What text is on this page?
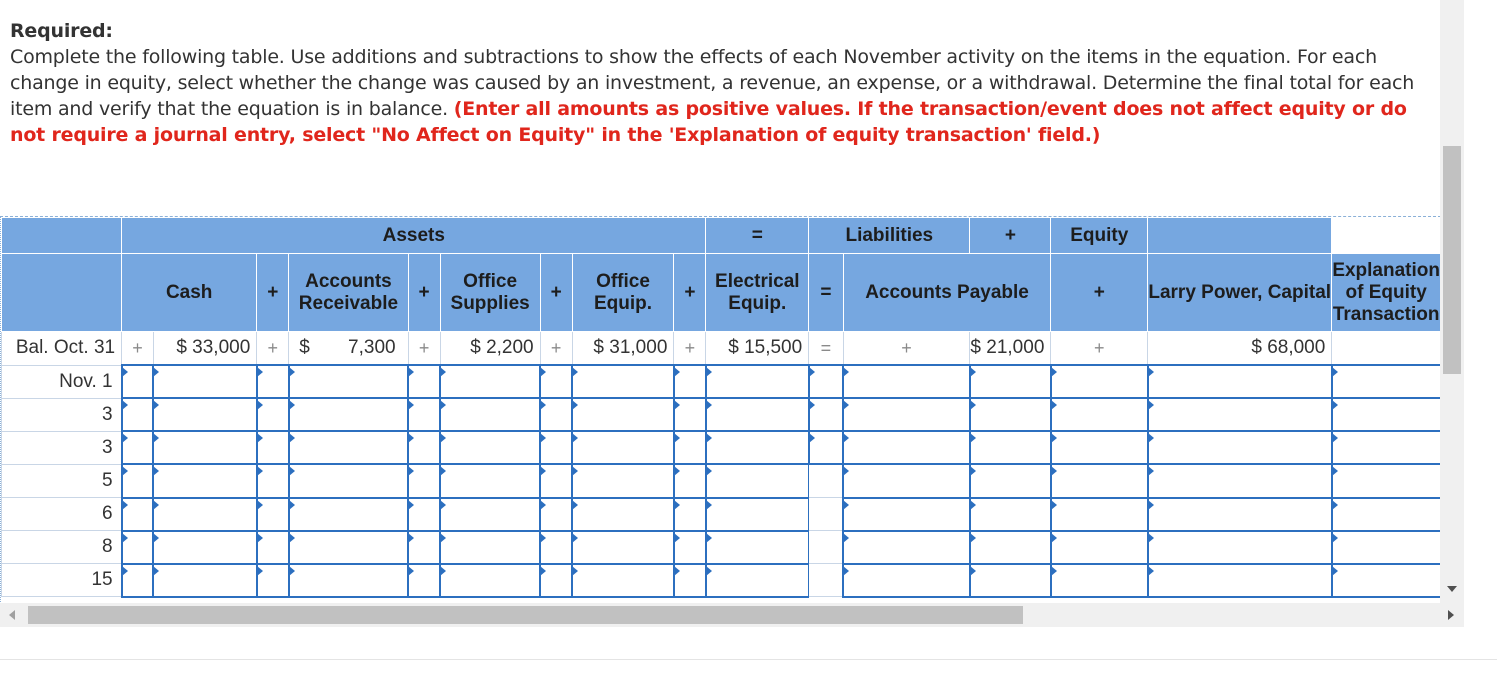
Required:
Complete the following table. Use additions and subtractions to show the effects of each November activity on the items in the equation. For each change in equity, select whether the change was caused by an investment, a revenue, an expense, or a withdrawal. Determine the final total for each item and verify that the equation is in balance. (Enter all amounts as positive values. If the transaction/event does not affect equity or do not require a journal entry, select "No Affect on Equity" in the 'Explanation of equity transaction' field.)
	Assets									=	Liabilities		+	Equity		
	Cash		+	Accounts Receivable	+	Office Supplies	+	Office Equip.	+	Electrical Equip.	=	Accounts Payable		+	Larry Power, Capital	Explanation of Equity Transaction
Bal. Oct. 31	+	$ 33,000	+	$ 7,300	+	$ 2,200	+	$ 31,000	+	$ 15,500	=	+	$ 21,000	+	$ 68,000	
Nov. 1																
3																
3																
5																
6																
8																
15																
